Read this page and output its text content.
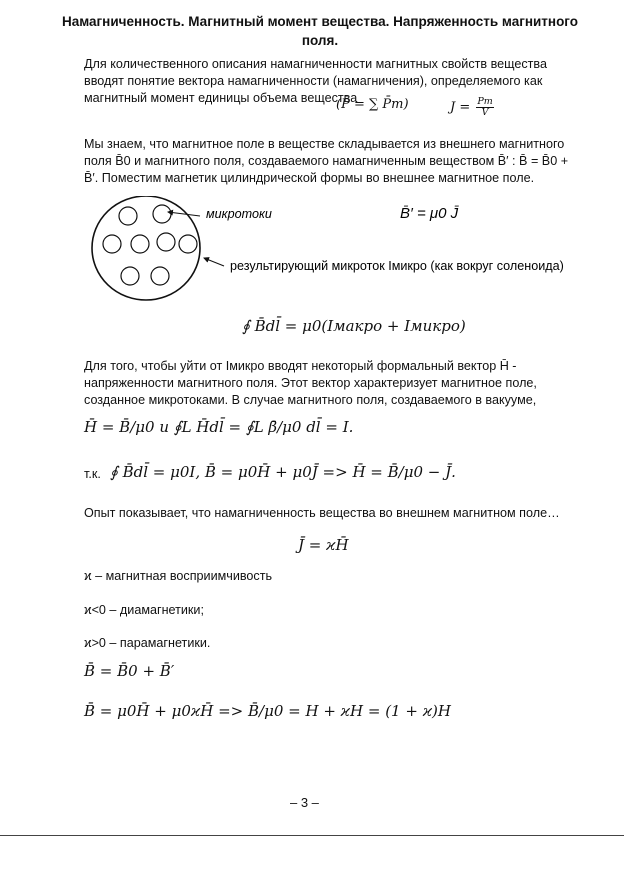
Намагниченность. Магнитный момент вещества. Напряженность магнитного поля.
Для количественного описания намагниченности магнитных свойств вещества вводят понятие вектора намагниченности (намагничения), определяемого как магнитный момент единицы объема вещества
(P̄ = ∑ P̄m)	$J = \frac{Pm}{V}$
Мы знаем, что магнитное поле в веществе складывается из внешнего магнитного поля B̄0 и магнитного поля, создаваемого намагниченным веществом B̄′ : B̄ = B̄0 + B̄′. Поместим магнетик цилиндрической формы во внешнее магнитное поле.
микротоки	B̄′ = μ0 J̄
результирующий микроток Iмикро (как вокруг соленоида)
∮ B̄dl̄ = μ0(Iмакро + Iмикро)
Для того, чтобы уйти от Iмикро вводят некоторый формальный вектор H̄ - напряженности магнитного поля. Этот вектор характеризует магнитное поле, созданное микротоками. В случае магнитного поля, создаваемого в вакууме,
H̄ = B̄/μ0 и ∮L H̄dl̄ = ∮L β̄/μ0 dl̄ = I.
т.к. ∮ B̄dl̄ = μ0I, B̄ = μ0H̄ + μ0J̄ => H̄ = B̄/μ0 − J̄.
Опыт показывает, что намагниченность вещества во внешнем магнитном поле…
J̄ = ϰH̄
ϰ – магнитная восприимчивость
ϰ<0 – диамагнетики;
ϰ>0 – парамагнетики.
B̄ = B̄0 + B̄′
B̄ = μ0H̄ + μ0ϰH̄ => B̄/μ0 = H + ϰH = (1 + ϰ)H
– 3 –
